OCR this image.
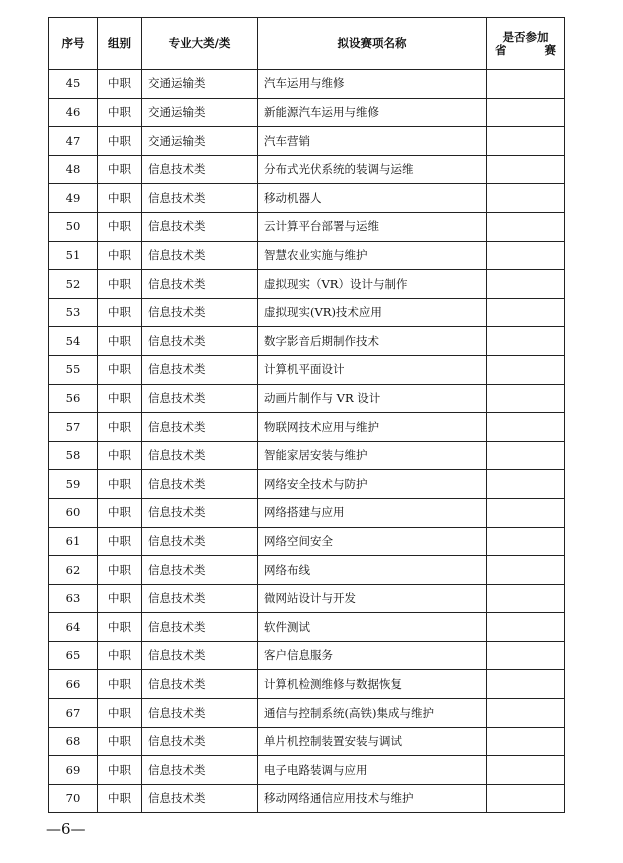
序号	组别	专业大类/类	拟设赛项名称	是否参加
省　　赛

45	中职	交通运输类	汽车运用与维修	
46	中职	交通运输类	新能源汽车运用与维修	
47	中职	交通运输类	汽车营销	
48	中职	信息技术类	分布式光伏系统的装调与运维	
49	中职	信息技术类	移动机器人	
50	中职	信息技术类	云计算平台部署与运维	
51	中职	信息技术类	智慧农业实施与维护	
52	中职	信息技术类	虚拟现实（VR）设计与制作	
53	中职	信息技术类	虚拟现实(VR)技术应用	
54	中职	信息技术类	数字影音后期制作技术	
55	中职	信息技术类	计算机平面设计	
56	中职	信息技术类	动画片制作与 VR 设计	
57	中职	信息技术类	物联网技术应用与维护	
58	中职	信息技术类	智能家居安装与维护	
59	中职	信息技术类	网络安全技术与防护	
60	中职	信息技术类	网络搭建与应用	
61	中职	信息技术类	网络空间安全	
62	中职	信息技术类	网络布线	
63	中职	信息技术类	微网站设计与开发	
64	中职	信息技术类	软件测试	
65	中职	信息技术类	客户信息服务	
66	中职	信息技术类	计算机检测维修与数据恢复	
67	中职	信息技术类	通信与控制系统(高铁)集成与维护	
68	中职	信息技术类	单片机控制装置安装与调试	
69	中职	信息技术类	电子电路装调与应用	
70	中职	信息技术类	移动网络通信应用技术与维护	
—6—
